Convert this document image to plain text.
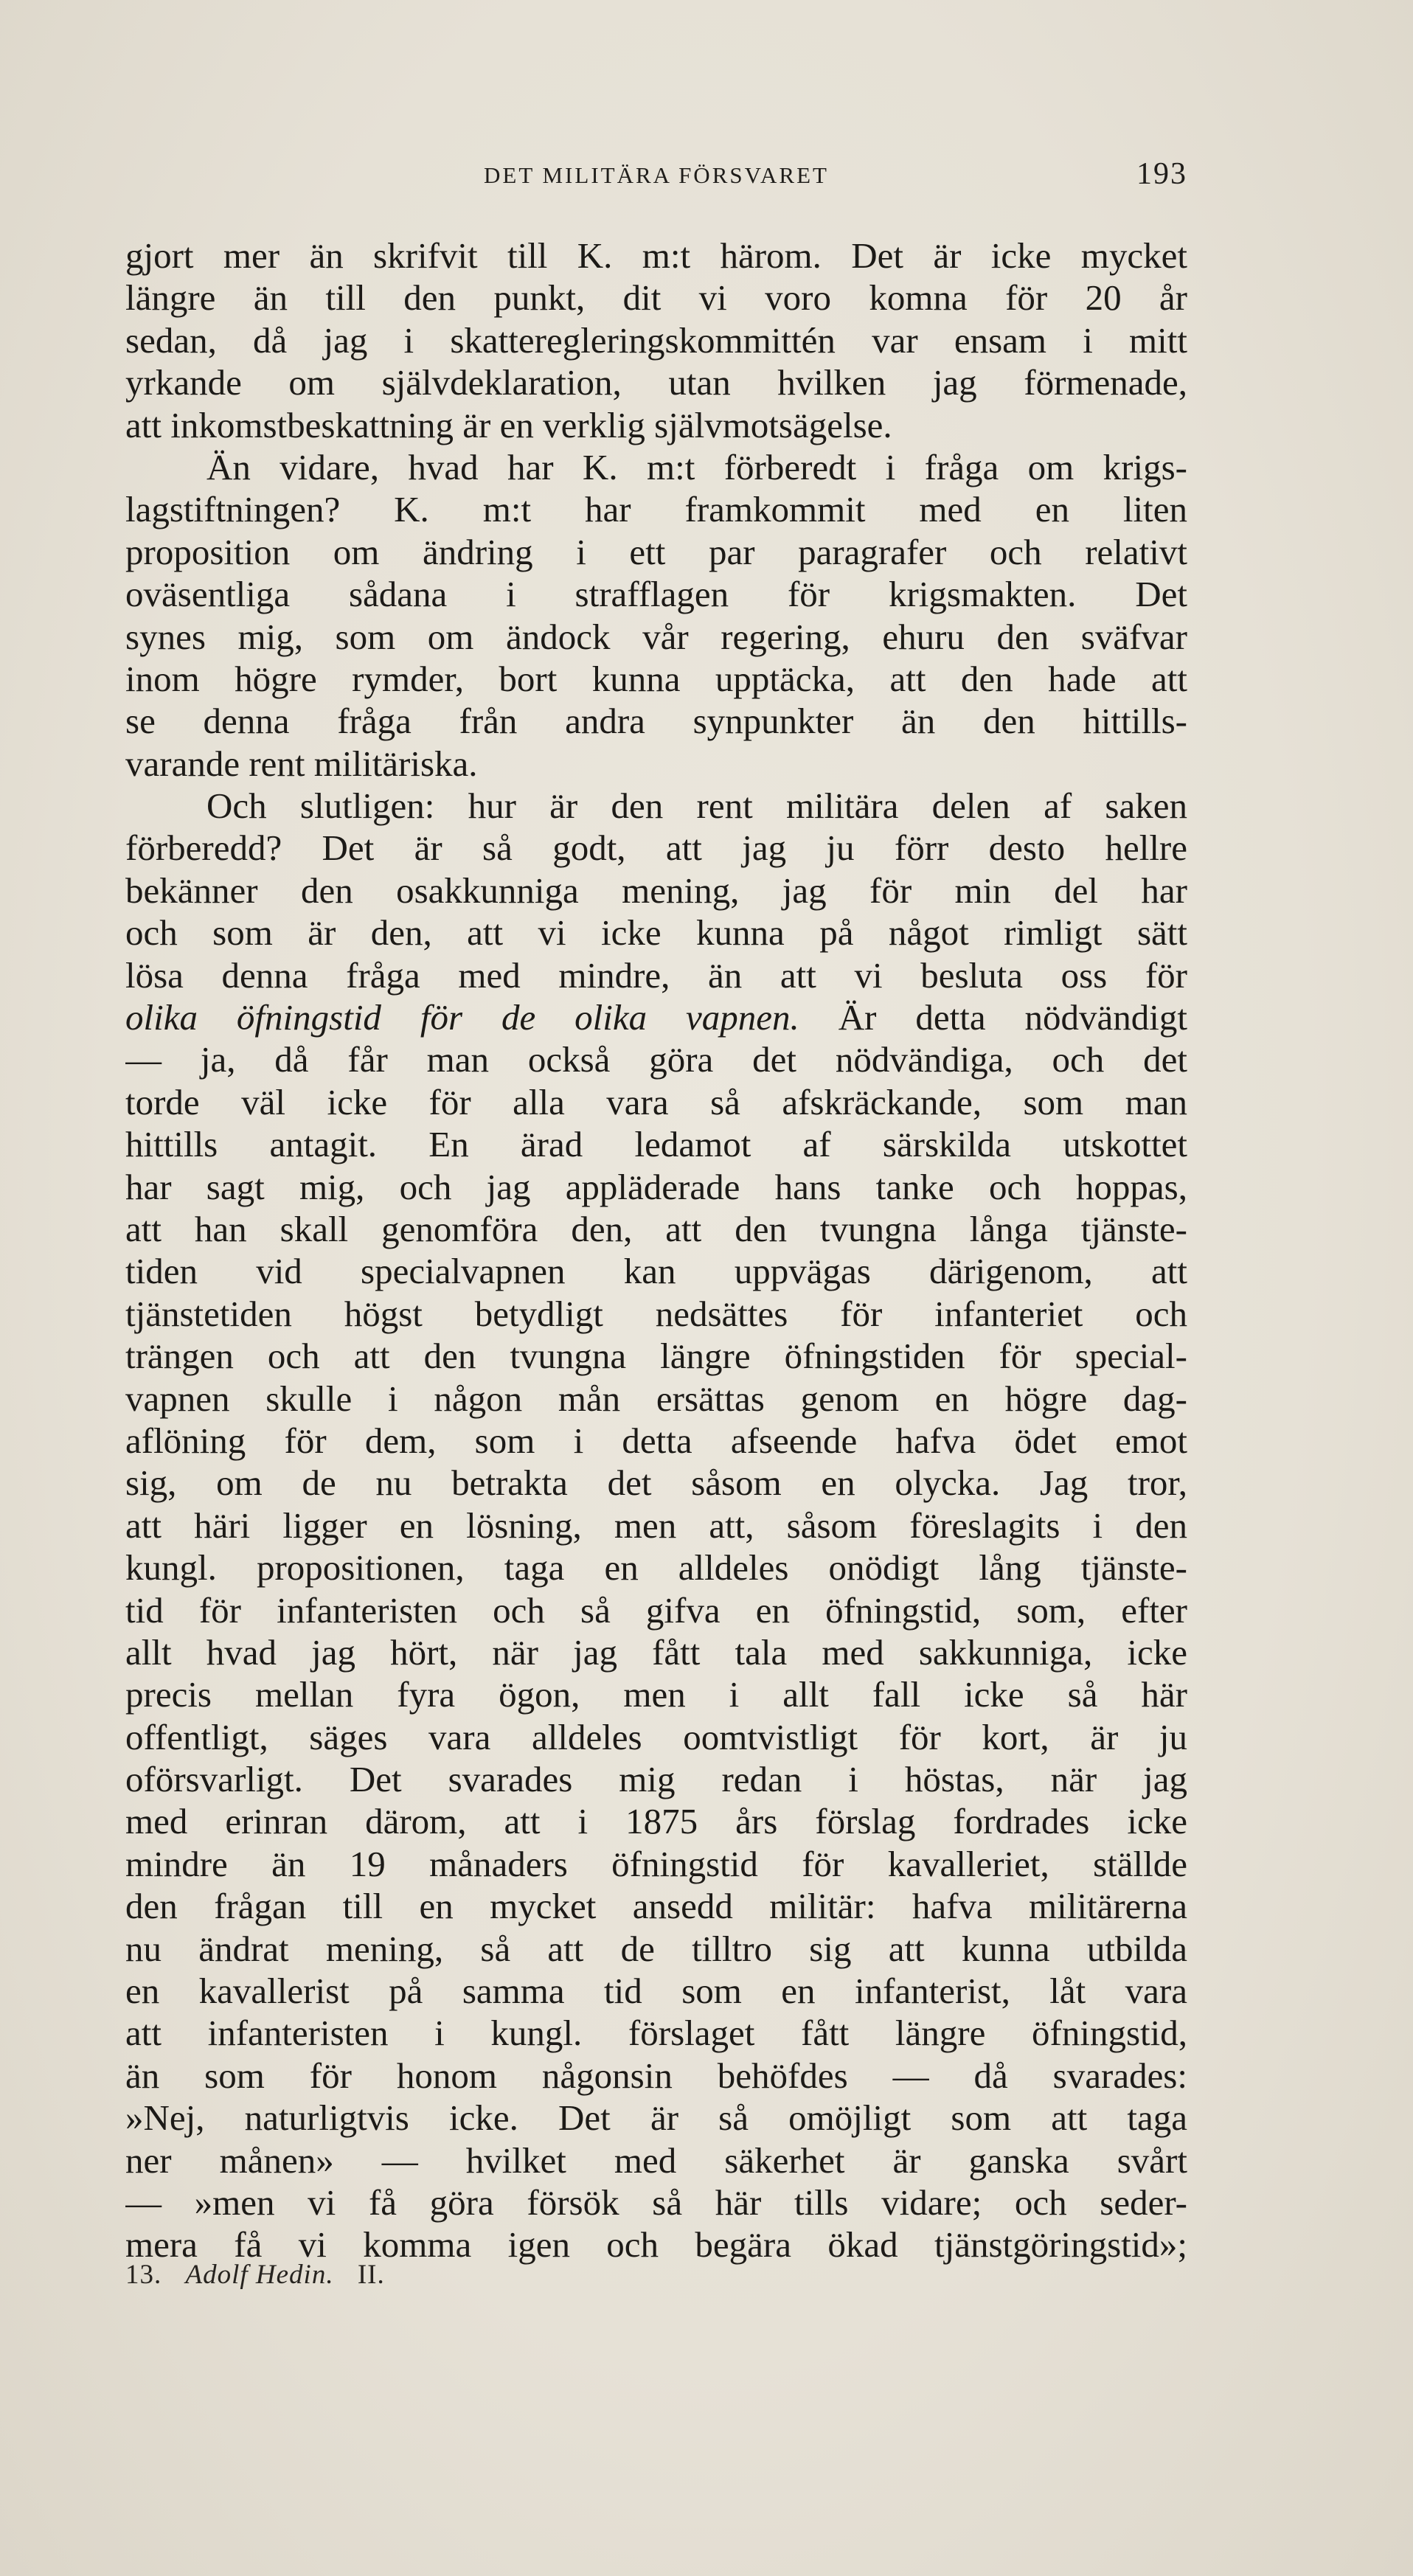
DET MILITÄRA FÖRSVARET	193
gjort mer än skrifvit till K. m:t härom. Det är icke mycket
längre än till den punkt, dit vi voro komna för 20 år
sedan, då jag i skatteregleringskommittén var ensam i mitt
yrkande om självdeklaration, utan hvilken jag förmenade,
att inkomstbeskattning är en verklig självmotsägelse.
Än vidare, hvad har K. m:t förberedt i fråga om krigs-
lagstiftningen? K. m:t har framkommit med en liten
proposition om ändring i ett par paragrafer och relativt
oväsentliga sådana i strafflagen för krigsmakten. Det
synes mig, som om ändock vår regering, ehuru den sväfvar
inom högre rymder, bort kunna upptäcka, att den hade att
se denna fråga från andra synpunkter än den hittills-
varande rent militäriska.
Och slutligen: hur är den rent militära delen af saken
förberedd? Det är så godt, att jag ju förr desto hellre
bekänner den osakkunniga mening, jag för min del har
och som är den, att vi icke kunna på något rimligt sätt
lösa denna fråga med mindre, än att vi besluta oss för
olika öfningstid för de olika vapnen. Är detta nödvändigt
— ja, då får man också göra det nödvändiga, och det
torde väl icke för alla vara så afskräckande, som man
hittills antagit. En ärad ledamot af särskilda utskottet
har sagt mig, och jag appläderade hans tanke och hoppas,
att han skall genomföra den, att den tvungna långa tjänste-
tiden vid specialvapnen kan uppvägas därigenom, att
tjänstetiden högst betydligt nedsättes för infanteriet och
trängen och att den tvungna längre öfningstiden för special-
vapnen skulle i någon mån ersättas genom en högre dag-
aflöning för dem, som i detta afseende hafva ödet emot
sig, om de nu betrakta det såsom en olycka. Jag tror,
att häri ligger en lösning, men att, såsom föreslagits i den
kungl. propositionen, taga en alldeles onödigt lång tjänste-
tid för infanteristen och så gifva en öfningstid, som, efter
allt hvad jag hört, när jag fått tala med sakkunniga, icke
precis mellan fyra ögon, men i allt fall icke så här
offentligt, säges vara alldeles oomtvistligt för kort, är ju
oförsvarligt. Det svarades mig redan i höstas, när jag
med erinran därom, att i 1875 års förslag fordrades icke
mindre än 19 månaders öfningstid för kavalleriet, ställde
den frågan till en mycket ansedd militär: hafva militärerna
nu ändrat mening, så att de tilltro sig att kunna utbilda
en kavallerist på samma tid som en infanterist, låt vara
att infanteristen i kungl. förslaget fått längre öfningstid,
än som för honom någonsin behöfdes — då svarades:
»Nej, naturligtvis icke. Det är så omöjligt som att taga
ner månen» — hvilket med säkerhet är ganska svårt
— »men vi få göra försök så här tills vidare; och seder-
mera få vi komma igen och begära ökad tjänstgöringstid»;
13. Adolf Hedin. II.
